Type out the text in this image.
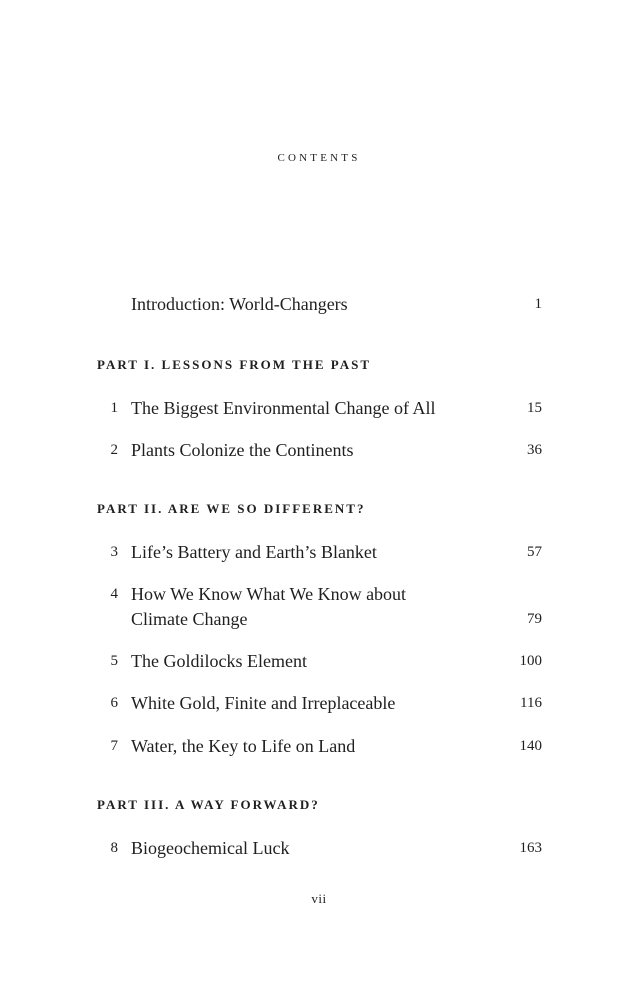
contents
Introduction: World-Changers	1
PART I. LESSONS FROM THE PAST
1 The Biggest Environmental Change of All	15
2 Plants Colonize the Continents	36
PART II. ARE WE SO DIFFERENT?
3 Life’s Battery and Earth’s Blanket	57
4 How We Know What We Know about
Climate Change	79
5 The Goldilocks Element	100
6 White Gold, Finite and Irreplaceable	116
7 Water, the Key to Life on Land	140
PART III. A WAY FORWARD?
8 Biogeochemical Luck	163
vii
